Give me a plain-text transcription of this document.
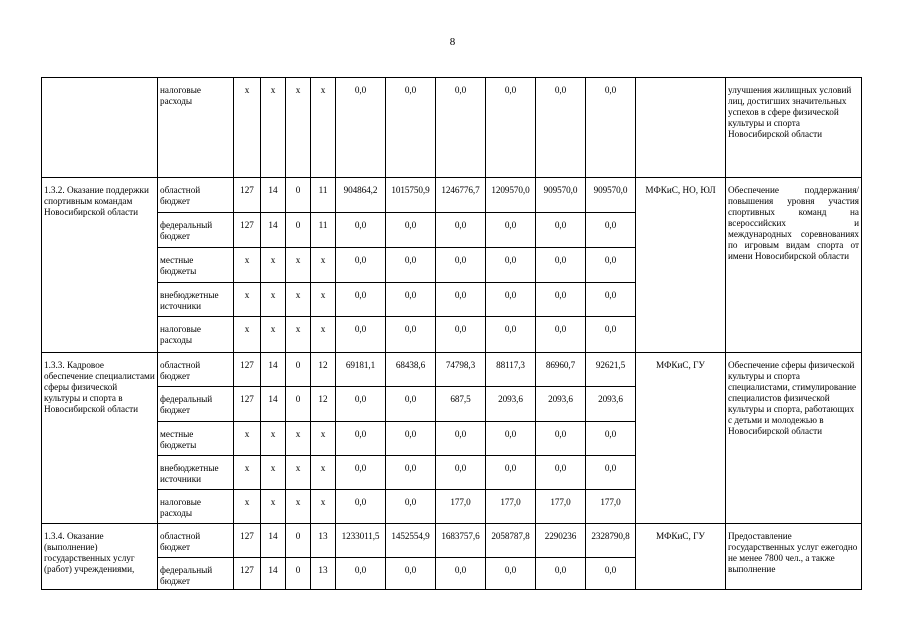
8
	налоговые расходы	х	х	х	х	0,0	0,0	0,0	0,0	0,0	0,0		улучшения жилищных условий лиц, достигших значительных успехов в сфере физической культуры и спорта Новосибирской области
1.3.2. Оказание поддержки спортивным командам Новосибирской области	областной бюджет	127	14	0	11	904864,2	1015750,9	1246776,7	1209570,0	909570,0	909570,0	МФКиС, НО, ЮЛ	Обеспечение поддержания/повышения уровня участия спортивных команд на всероссийских и международных соревнованиях по игровым видам спорта от имени Новосибирской области
	федеральный бюджет	127	14	0	11	0,0	0,0	0,0	0,0	0,0	0,0		
	местные бюджеты	х	х	х	х	0,0	0,0	0,0	0,0	0,0	0,0		
	внебюджетные источники	х	х	х	х	0,0	0,0	0,0	0,0	0,0	0,0		
	налоговые расходы	х	х	х	х	0,0	0,0	0,0	0,0	0,0	0,0		
1.3.3. Кадровое обеспечение специалистами сферы физической культуры и спорта в Новосибирской области	областной бюджет	127	14	0	12	69181,1	68438,6	74798,3	88117,3	86960,7	92621,5	МФКиС, ГУ	Обеспечение сферы физической культуры и спорта специалистами, стимулирование специалистов физической культуры и спорта, работающих с детьми и молодежью в Новосибирской области
	федеральный бюджет	127	14	0	12	0,0	0,0	687,5	2093,6	2093,6	2093,6		
	местные бюджеты	х	х	х	х	0,0	0,0	0,0	0,0	0,0	0,0		
	внебюджетные источники	х	х	х	х	0,0	0,0	0,0	0,0	0,0	0,0		
	налоговые расходы	х	х	х	х	0,0	0,0	177,0	177,0	177,0	177,0		
1.3.4. Оказание (выполнение) государственных услуг (работ) учреждениями,	областной бюджет	127	14	0	13	1233011,5	1452554,9	1683757,6	2058787,8	2290236	2328790,8	МФКиС, ГУ	Предоставление государственных услуг ежегодно не менее 7800 чел., а также выполнение
	федеральный бюджет	127	14	0	13	0,0	0,0	0,0	0,0	0,0	0,0		
